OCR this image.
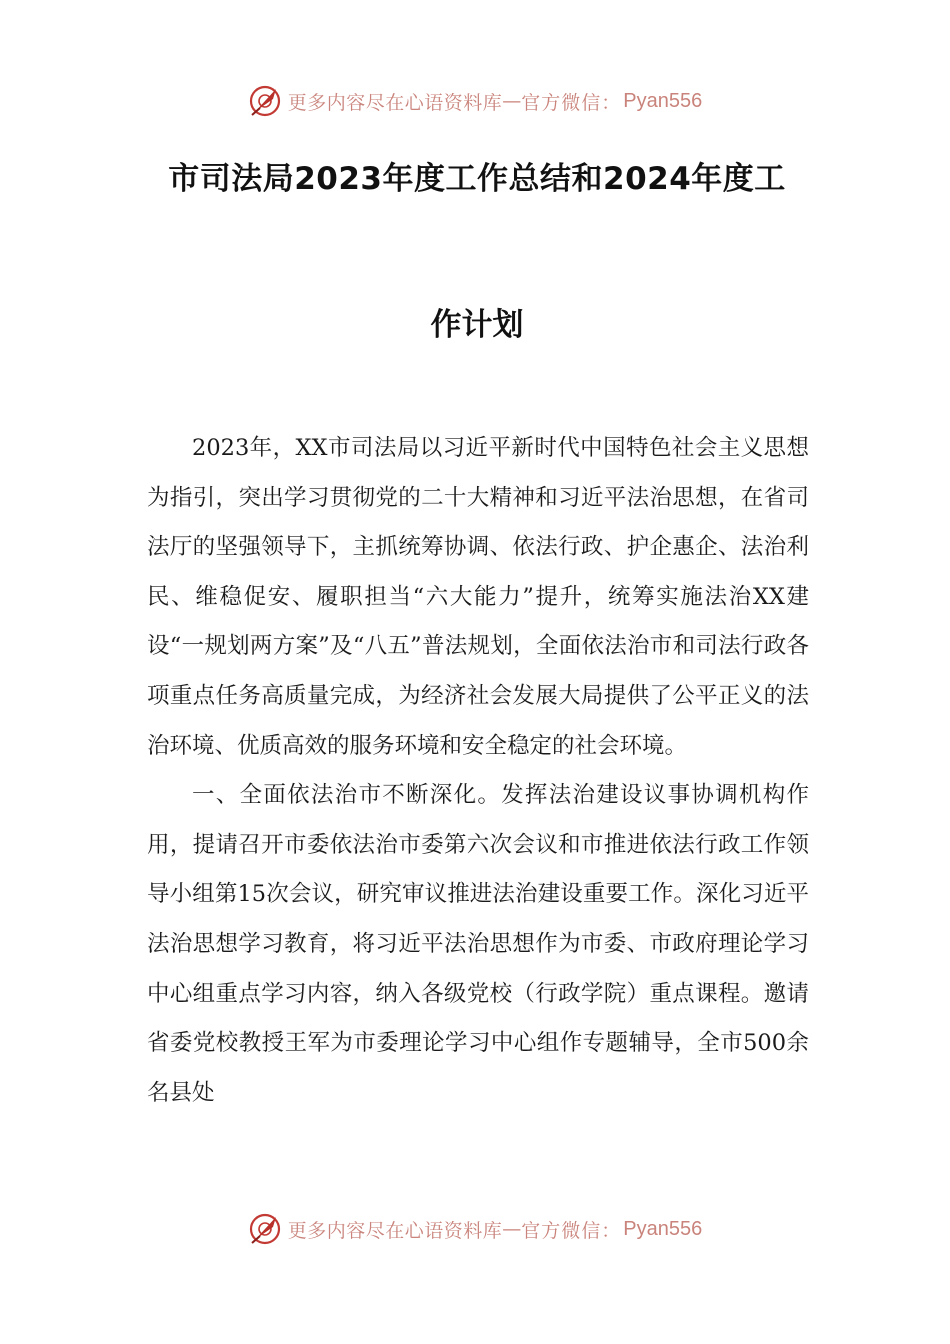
更多内容尽在心语资料库 — 官方微信： Pyan556
市司法局2023年度工作总结和2024年度工
作计划

2023年，XX市司法局以习近平新时代中国特色社会主义思想为指引，突出学习贯彻党的二十大精神和习近平法治思想，在省司法厅的坚强领导下，主抓统筹协调、依法行政、护企惠企、法治利民、维稳促安、履职担当“六大能力”提升，统筹实施法治XX建设“一规划两方案”及“八五”普法规划，全面依法治市和司法行政各项重点任务高质量完成，为经济社会发展大局提供了公平正义的法治环境、优质高效的服务环境和安全稳定的社会环境。

一、全面依法治市不断深化。发挥法治建设议事协调机构作用，提请召开市委依法治市委第六次会议和市推进依法行政工作领导小组第15次会议，研究审议推进法治建设重要工作。深化习近平法治思想学习教育，将习近平法治思想作为市委、市政府理论学习中心组重点学习内容，纳入各级党校（行政学院）重点课程。邀请省委党校教授王军为市委理论学习中心组作专题辅导，全市500余名县处

更多内容尽在心语资料库 — 官方微信： Pyan556
